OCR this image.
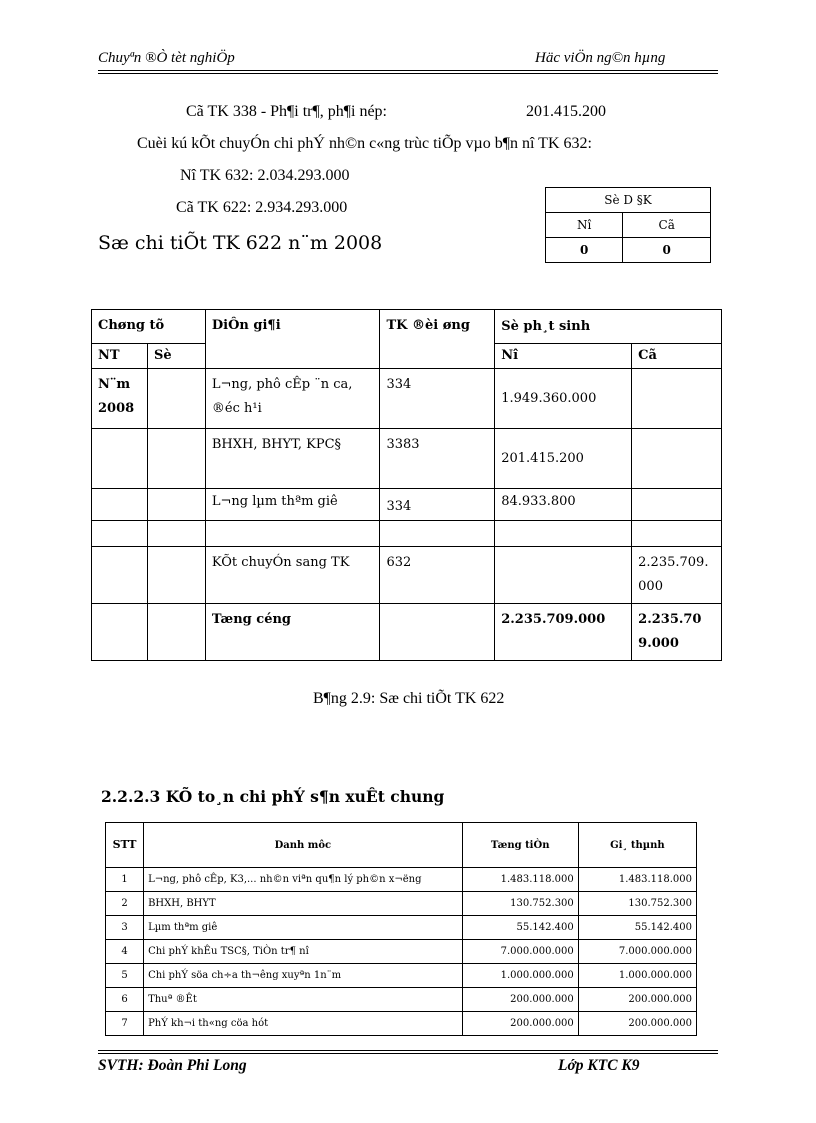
Chuyªn ®Ò tèt nghiÖp	Häc viÖn ng©n hµng
Cã TK 338 - Ph¶i tr¶, ph¶i nép:	201.415.200
Cuèi kú kÕt chuyÓn chi phÝ nh©n c«ng trùc tiÕp vµo b¶n nî TK 632:
Nî TK 632: 2.034.293.000
Cã TK 622: 2.934.293.000
Sæ chi tiÕt TK 622 n¨m 2008
Sè D §K	
Nî	Cã
0	0
Chøng tõ		DiÔn gi¶i	TK ®èi øng	Sè ph¸t sinh	
NT	Sè			Nî	Cã
N¨m 2008		L¬ng, phô cÊp ¨n ca, ®éc h¹i	334	1.949.360.000	
		BHXH, BHYT, KPC§	3383	201.415.200	
		L¬ng lµm thªm giê	334	84.933.800	

		KÕt chuyÓn sang TK	632		2.235.709.000
		Tæng céng		2.235.709.000	2.235.709.000
B¶ng 2.9: Sæ chi tiÕt TK 622
2.2.2.3 KÕ to¸n chi phÝ s¶n xuÊt chung
STT	Danh môc	Tæng tiÒn	Gi¸ thµnh
1	L¬ng, phô cÊp, K3,... nh©n viªn qu¶n lý ph©n x¬ëng	1.483.118.000	1.483.118.000
2	BHXH, BHYT	130.752.300	130.752.300
3	Lµm thªm giê	55.142.400	55.142.400
4	Chi phÝ khÊu TSC§, TiÒn tr¶ nî	7.000.000.000	7.000.000.000
5	Chi phÝ söa ch÷a th¬êng xuyªn 1n¨m	1.000.000.000	1.000.000.000
6	Thuª ®Êt	200.000.000	200.000.000
7	PhÝ kh¬i th«ng cöa hót	200.000.000	200.000.000
SVTH: Đoàn Phi Long	Lớp KTC K9
